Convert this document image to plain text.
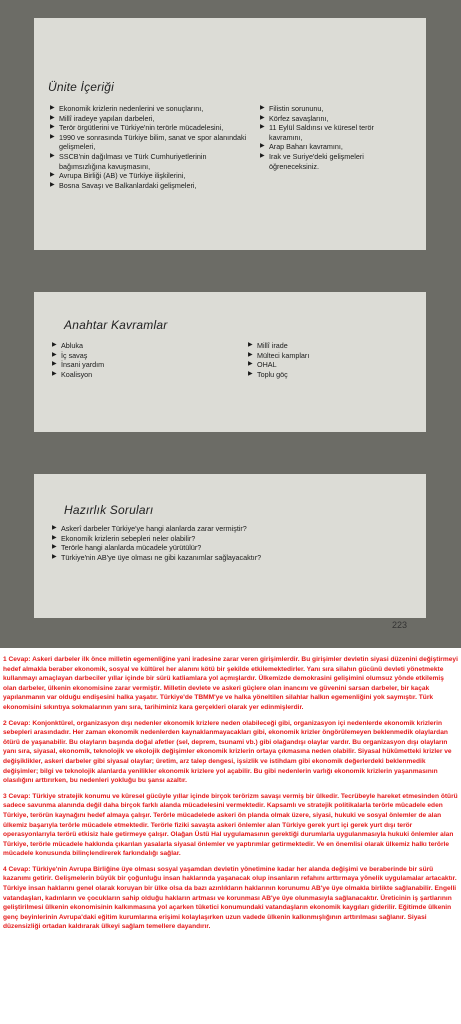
Ünite İçeriği
▶ Ekonomik krizlerin nedenlerini ve sonuçlarını,
▶ Millî iradeye yapılan darbeleri,
▶ Terör örgütlerini ve Türkiye'nin terörle mücadelesini,
▶ 1990 ve sonrasında Türkiye bilim, sanat ve spor alanındaki gelişmeleri,
▶ SSCB'nin dağılması ve Türk Cumhuriyetlerinin bağımsızlığına kavuşmasını,
▶ Avrupa Birliği (AB) ve Türkiye ilişkilerini,
▶ Bosna Savaşı ve Balkanlardaki gelişmeleri,
▶ Filistin sorununu,
▶ Körfez savaşlarını,
▶ 11 Eylül Saldırısı ve küresel terör kavramını,
▶ Arap Baharı kavramını,
▶ Irak ve Suriye'deki gelişmeleri öğreneceksiniz.
Anahtar Kavramlar
▶ Abluka
▶ İç savaş
▶ İnsani yardım
▶ Koalisyon
▶ Millî irade
▶ Mülteci kampları
▶ OHAL
▶ Toplu göç
Hazırlık Soruları
▶ Askerî darbeler Türkiye'ye hangi alanlarda zarar vermiştir?
▶ Ekonomik krizlerin sebepleri neler olabilir?
▶ Terörle hangi alanlarda mücadele yürütülür?
▶ Türkiye'nin AB'ye üye olması ne gibi kazanımlar sağlayacaktır?
223

1 Cevap: Askeri darbeler ilk önce milletin egemenliğine yani iradesine zarar veren girişimlerdir. Bu girişimler devletin siyasi düzenini değiştirmeyi hedef almakla beraber ekonomik, sosyal ve kültürel her alanını kötü bir şekilde etkilemektedirler. Yanı sıra silahın gücünü devleti yönetmekte kullanmayı amaçlayan darbeciler yıllar içinde bir sürü katliamlara yol açmışlardır. Ülkemizde demokrasini gelişimini olumsuz yönde etkilemiş olan darbeler, ülkenin ekonomisine zarar vermiştir. Milletin devlete ve askeri güçlere olan inancını ve güvenini sarsan darbeler, bir kaçak yapılanmanın var olduğu endişesini halka yaşatır. Türkiye'de TBMM'ye ve halka yöneltilen silahlar halkın egemenliğini yok saymıştır. Türk ekonomisini sıkıntıya sokmalarının yanı sıra, tarihiminiz kara gerçekleri olarak yer edinmişlerdir.

2 Cevap: Konjonktürel, organizasyon dışı nedenler ekonomik krizlere neden olabileceği gibi, organizasyon içi nedenlerde ekonomik krizlerin sebepleri arasındadır. Her zaman ekonomik nedenlerden kaynaklanmayacakları gibi, ekonomik krizler öngörülemeyen beklenmedik olaylardan ötürü de yaşanabilir. Bu olayların başında doğal afetler (sel, deprem, tsunami vb.) gibi olağandışı olaylar vardır. Bu organizasyon dışı olayların yanı sıra, siyasal, ekonomik, teknolojik ve ekolojik değişimler ekonomik krizlerin ortaya çıkmasına neden olabilir. Siyasal hükümetteki krizler ve değişiklikler, askeri darbeler gibi siyasal olaylar; üretim, arz talep dengesi, işsizlik ve istihdam gibi ekonomik değerlerdeki beklenmedik değişimler; bilgi ve teknolojik alanlarda yenilikler ekonomik krizlere yol açabilir. Bu gibi nedenlerin varlığı ekonomik krizlerin yaşanmasının olasılığını arttırırken, bu nedenleri yokluğu bu şansı azaltır.

3 Cevap: Türkiye stratejik konumu ve küresel gücüyle yıllar içinde birçok terörizm savaşı vermiş bir ülkedir. Tecrübeyle hareket etmesinden ötürü sadece savunma alanında değil daha birçok farklı alanda mücadelesini vermektedir. Kapsamlı ve stratejik politikalarla terörle mücadele eden Türkiye, terörün kaynağını hedef almaya çalışır. Terörle mücadelede askeri ön planda olmak üzere, siyasi, hukuki ve sosyal önlemler de alan ülkemiz başarıyla terörle mücadele etmektedir. Terörle fiziki savaşta askeri önlemler alan Türkiye gerek yurt içi gerek yurt dışı terör operasyonlarıyla terörü etkisiz hale getirmeye çalışır. Olağan Üstü Hal uygulamasının gerektiği durumlarla uygulanmasıyla hukuki önlemler alan Türkiye, terörle mücadele hakkında çıkarılan yasalarla siyasal önlemler ve yaptırımlar getirmektedir. Ve en önemlisi olarak ülkemiz halkı terörle mücadele konusunda bilinçlendirerek farkındalığı sağlar.

4 Cevap: Türkiye'nin Avrupa Birliğine üye olması sosyal yaşamdan devletin yönetimine kadar her alanda değişimi ve beraberinde bir sürü kazanımı getirir. Gelişmelerin büyük bir çoğunluğu insan haklarında yaşanacak olup insanların refahını arttırmaya yönelik uygulamalar artacaktır. Türkiye insan haklarını genel olarak koruyan bir ülke olsa da bazı azınlıkların haklarının korunumu AB'ye üye olmakla birlikte sağlanabilir. Engelli vatandaşları, kadınların ve çocukların sahip olduğu hakların artması ve korunması AB'ye üye olunmasıyla sağlanacaktır. Üreticinin iş şartlarının geliştirilmesi ülkenin ekonomisinin kalkınmasına yol açarken tüketici konumundaki vatandaşların ekonomik kaygıları giderilir. Eğitimde ülkenin genç beyinlerinin Avrupa'daki eğitim kurumlarına erişimi kolaylaşırken uzun vadede ülkenin kalkınmışlığının arttırılması sağlanır. Siyasi düzensizliği ortadan kaldırarak ülkeyi sağlam temellere dayandırır.
